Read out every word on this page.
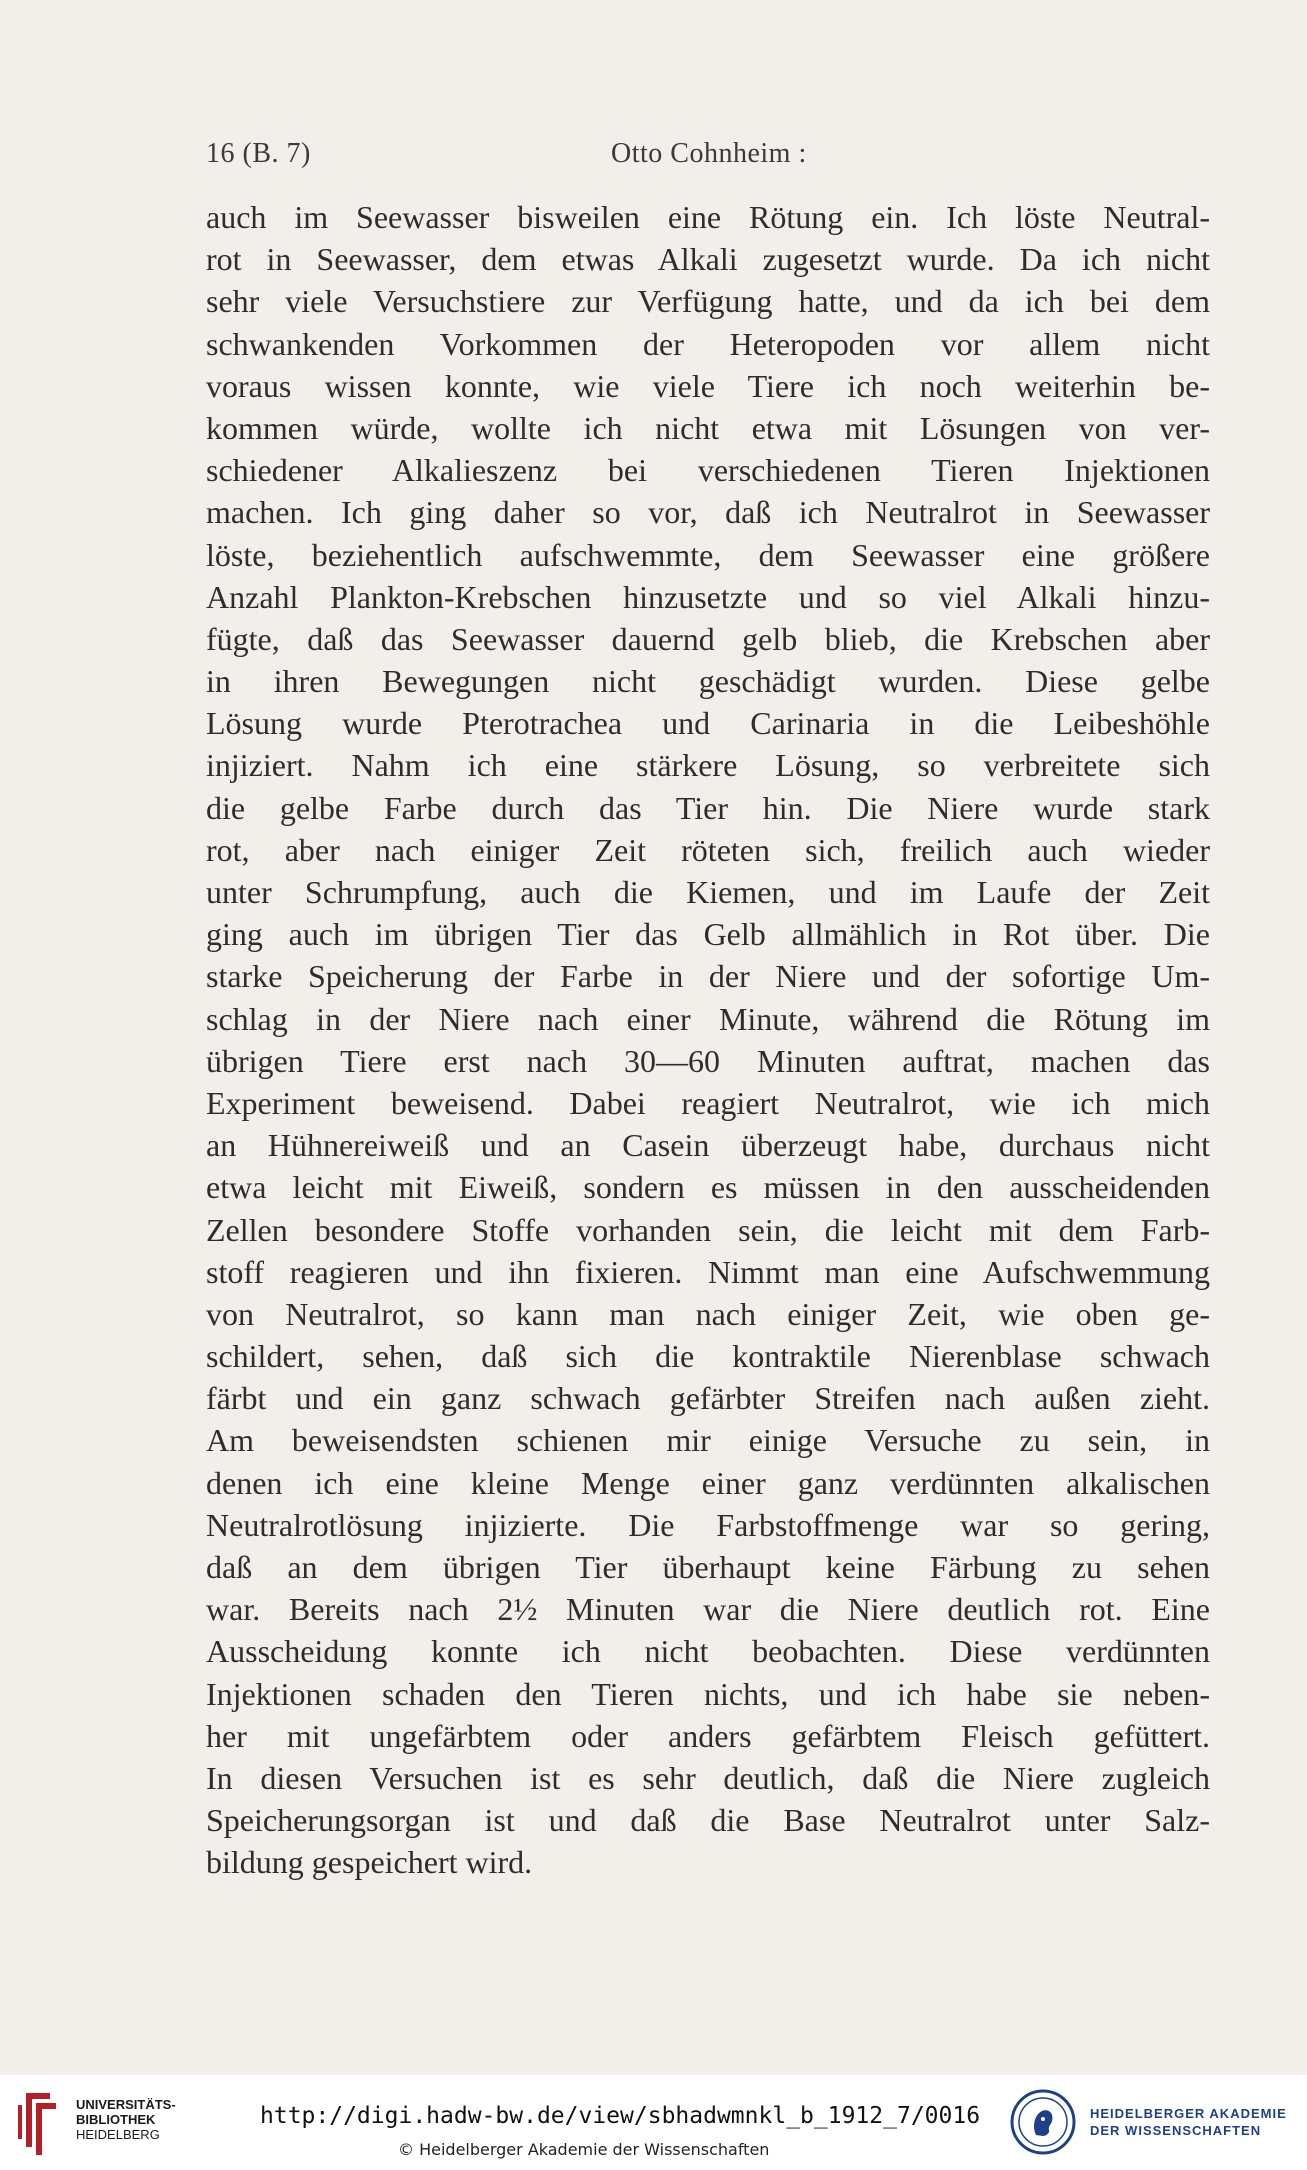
16 (B. 7)	Otto Cohnheim :
auch im Seewasser bisweilen eine Rötung ein. Ich löste Neutral-
rot in Seewasser, dem etwas Alkali zugesetzt wurde. Da ich nicht
sehr viele Versuchstiere zur Verfügung hatte, und da ich bei dem
schwankenden Vorkommen der Heteropoden vor allem nicht
voraus wissen konnte, wie viele Tiere ich noch weiterhin be-
kommen würde, wollte ich nicht etwa mit Lösungen von ver-
schiedener Alkalieszenz bei verschiedenen Tieren Injektionen
machen. Ich ging daher so vor, daß ich Neutralrot in Seewasser
löste, beziehentlich aufschwemmte, dem Seewasser eine größere
Anzahl Plankton-Krebschen hinzusetzte und so viel Alkali hinzu-
fügte, daß das Seewasser dauernd gelb blieb, die Krebschen aber
in ihren Bewegungen nicht geschädigt wurden. Diese gelbe
Lösung wurde Pterotrachea und Carinaria in die Leibeshöhle
injiziert. Nahm ich eine stärkere Lösung, so verbreitete sich
die gelbe Farbe durch das Tier hin. Die Niere wurde stark
rot, aber nach einiger Zeit röteten sich, freilich auch wieder
unter Schrumpfung, auch die Kiemen, und im Laufe der Zeit
ging auch im übrigen Tier das Gelb allmählich in Rot über. Die
starke Speicherung der Farbe in der Niere und der sofortige Um-
schlag in der Niere nach einer Minute, während die Rötung im
übrigen Tiere erst nach 30—60 Minuten auftrat, machen das
Experiment beweisend. Dabei reagiert Neutralrot, wie ich mich
an Hühnereiweiß und an Casein überzeugt habe, durchaus nicht
etwa leicht mit Eiweiß, sondern es müssen in den ausscheidenden
Zellen besondere Stoffe vorhanden sein, die leicht mit dem Farb-
stoff reagieren und ihn fixieren. Nimmt man eine Aufschwemmung
von Neutralrot, so kann man nach einiger Zeit, wie oben ge-
schildert, sehen, daß sich die kontraktile Nierenblase schwach
färbt und ein ganz schwach gefärbter Streifen nach außen zieht.
Am beweisendsten schienen mir einige Versuche zu sein, in
denen ich eine kleine Menge einer ganz verdünnten alkalischen
Neutralrotlösung injizierte. Die Farbstoffmenge war so gering,
daß an dem übrigen Tier überhaupt keine Färbung zu sehen
war. Bereits nach 2½ Minuten war die Niere deutlich rot. Eine
Ausscheidung konnte ich nicht beobachten. Diese verdünnten
Injektionen schaden den Tieren nichts, und ich habe sie neben-
her mit ungefärbtem oder anders gefärbtem Fleisch gefüttert.
In diesen Versuchen ist es sehr deutlich, daß die Niere zugleich
Speicherungsorgan ist und daß die Base Neutralrot unter Salz-
bildung gespeichert wird.
UNIVERSITÄTS-
BIBLIOTHEK
HEIDELBERG
http://digi.hadw-bw.de/view/sbhadwmnkl_b_1912_7/0016
© Heidelberger Akademie der Wissenschaften
HEIDELBERGER AKADEMIE
DER WISSENSCHAFTEN
